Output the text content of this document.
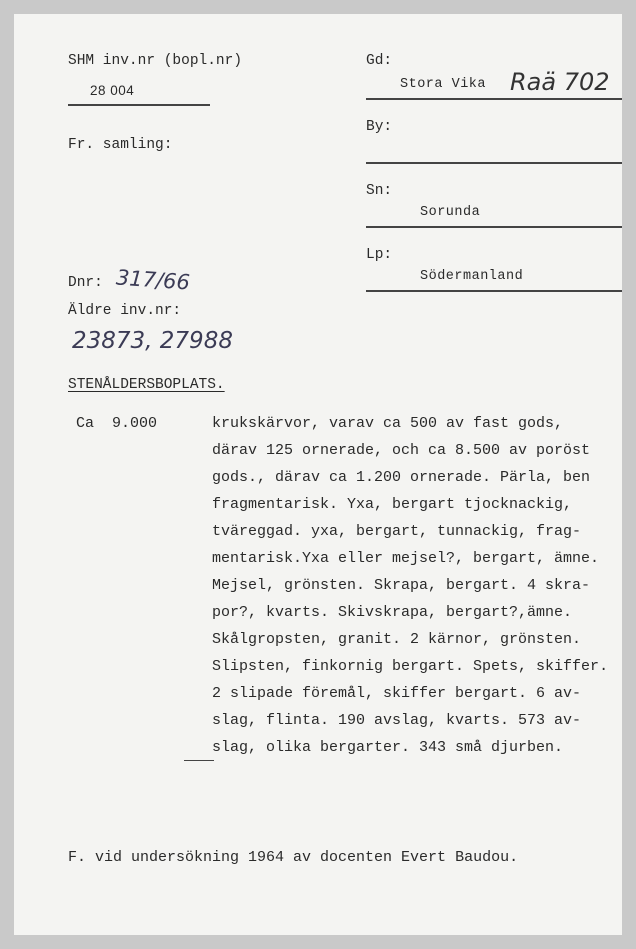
SHM inv.nr (bopl.nr)
28 004
Fr. samling:
Dnr: 317/66
Äldre inv.nr:
23873, 27988
Gd:
Stora Vika Raä 702
By:
Sn:
Sorunda
Lp:
Södermanland
STENÅLDERSBOPLATS.
Ca  9.000	krukskärvor, varav ca 500 av fast gods,
därav 125 ornerade, och ca 8.500 av poröst
gods., därav ca 1.200 ornerade. Pärla, ben
fragmentarisk. Yxa, bergart tjocknackig,
tväreggad. yxa, bergart, tunnackig, frag-
mentarisk.Yxa eller mejsel?, bergart, ämne.
Mejsel, grönsten. Skrapa, bergart. 4 skra-
por?, kvarts. Skivskrapa, bergart?,ämne.
Skålgropsten, granit. 2 kärnor, grönsten.
Slipsten, finkornig bergart. Spets, skiffer.
2 slipade föremål, skiffer bergart. 6 av-
slag, flinta. 190 avslag, kvarts. 573 av-
slag, olika bergarter. 343 små djurben.
F. vid undersökning 1964 av docenten Evert Baudou.
